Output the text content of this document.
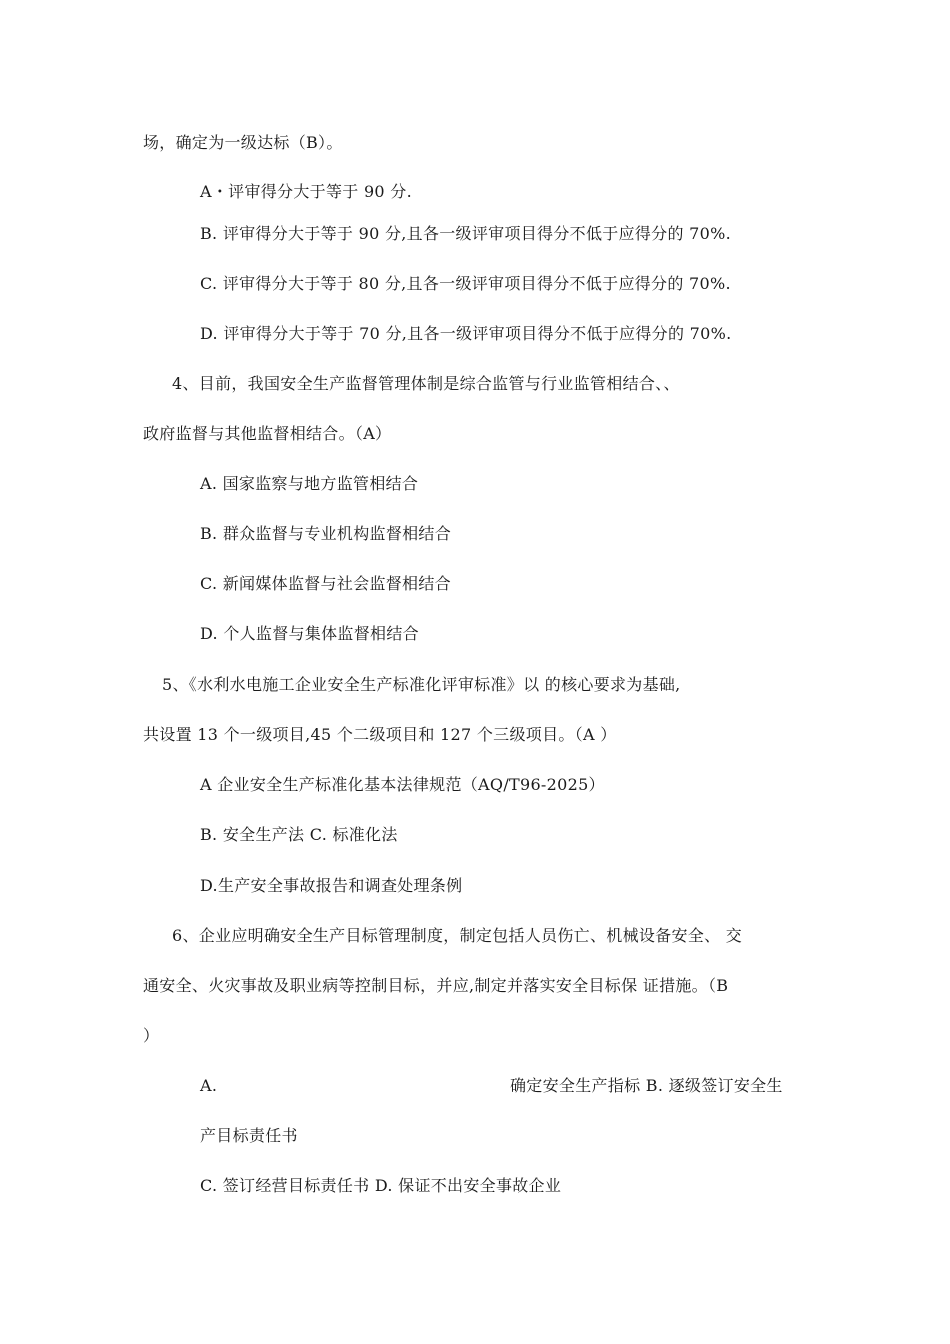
场，确定为一级达标（B）。
A・评审得分大于等于 90 分.
B. 评审得分大于等于 90 分,且各一级评审项目得分不低于应得分的 70%.
C. 评审得分大于等于 80 分,且各一级评审项目得分不低于应得分的 70%.
D. 评审得分大于等于 70 分,且各一级评审项目得分不低于应得分的 70%.
4、目前，我国安全生产监督管理体制是综合监管与行业监管相结合、、
政府监督与其他监督相结合。（A）
A. 国家监察与地方监管相结合
B. 群众监督与专业机构监督相结合
C. 新闻媒体监督与社会监督相结合
D. 个人监督与集体监督相结合
5、《水利水电施工企业安全生产标准化评审标准》以 的核心要求为基础,
共设置 13 个一级项目,45 个二级项目和 127 个三级项目。（A ）
A 企业安全生产标准化基本法律规范（AQ/T96-2025）
B. 安全生产法 C. 标准化法
D.生产安全事故报告和调查处理条例
6、企业应明确安全生产目标管理制度，制定包括人员伤亡、机械设备安全、 交
通安全、火灾事故及职业病等控制目标，并应,制定并落实安全目标保 证措施。（B
）
A.	确定安全生产指标 B. 逐级签订安全生
产目标责任书
C. 签订经营目标责任书 D. 保证不出安全事故企业
